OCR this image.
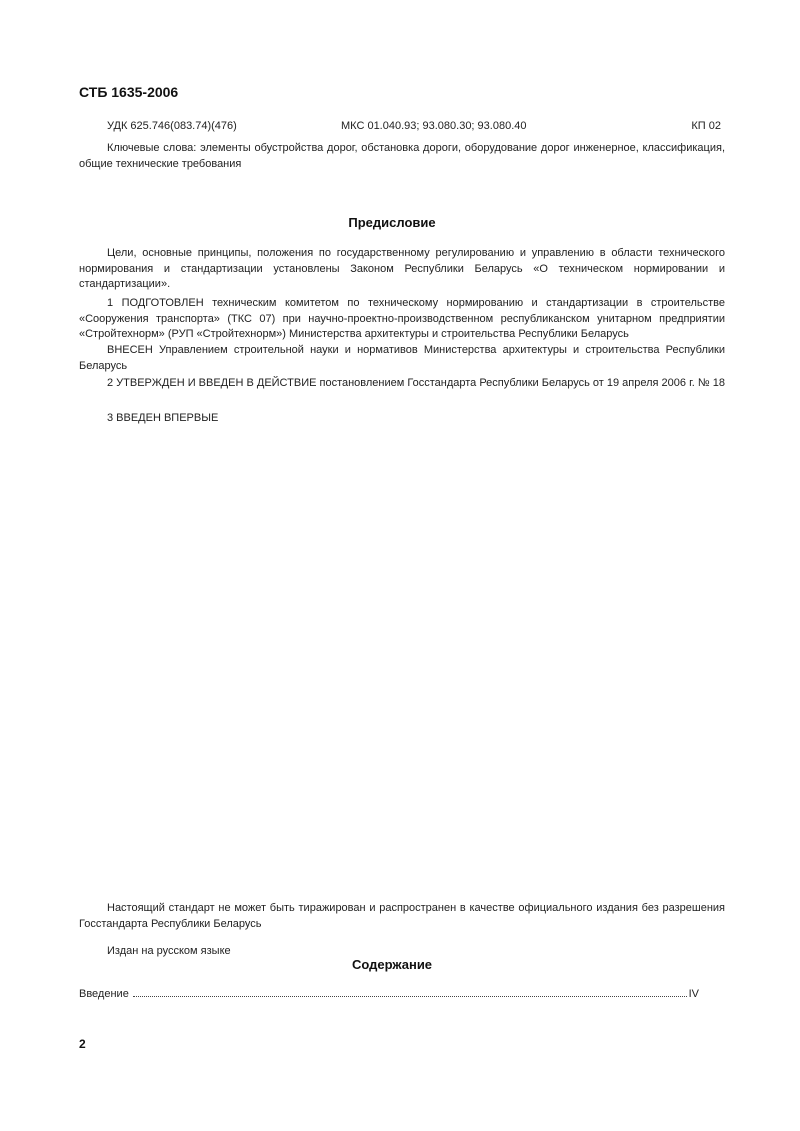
СТБ 1635-2006
УДК 625.746(083.74)(476)	МКС 01.040.93; 93.080.30; 93.080.40	КП 02

Ключевые слова: элементы обустройства дорог, обстановка дороги, оборудование дорог инженерное, классификация, общие технические требования

Предисловие

Цели, основные принципы, положения по государственному регулированию и управлению в области технического нормирования и стандартизации установлены Законом Республики Беларусь «О техническом нормировании и стандартизации».

1 ПОДГОТОВЛЕН техническим комитетом по техническому нормированию и стандартизации в строительстве «Сооружения транспорта» (ТКС 07) при научно-проектно-производственном республиканском унитарном предприятии «Стройтехнорм» (РУП «Стройтехнорм») Министерства архитектуры и строительства Республики Беларусь

ВНЕСЕН Управлением строительной науки и нормативов Министерства архитектуры и строительства Республики Беларусь

2 УТВЕРЖДЕН И ВВЕДЕН В ДЕЙСТВИЕ постановлением Госстандарта Республики Беларусь от 19 апреля 2006 г. № 18

3 ВВЕДЕН ВПЕРВЫЕ

Настоящий стандарт не может быть тиражирован и распространен в качестве официального издания без разрешения Госстандарта Республики Беларусь

Издан на русском языке

Содержание
Введение	IV
2
